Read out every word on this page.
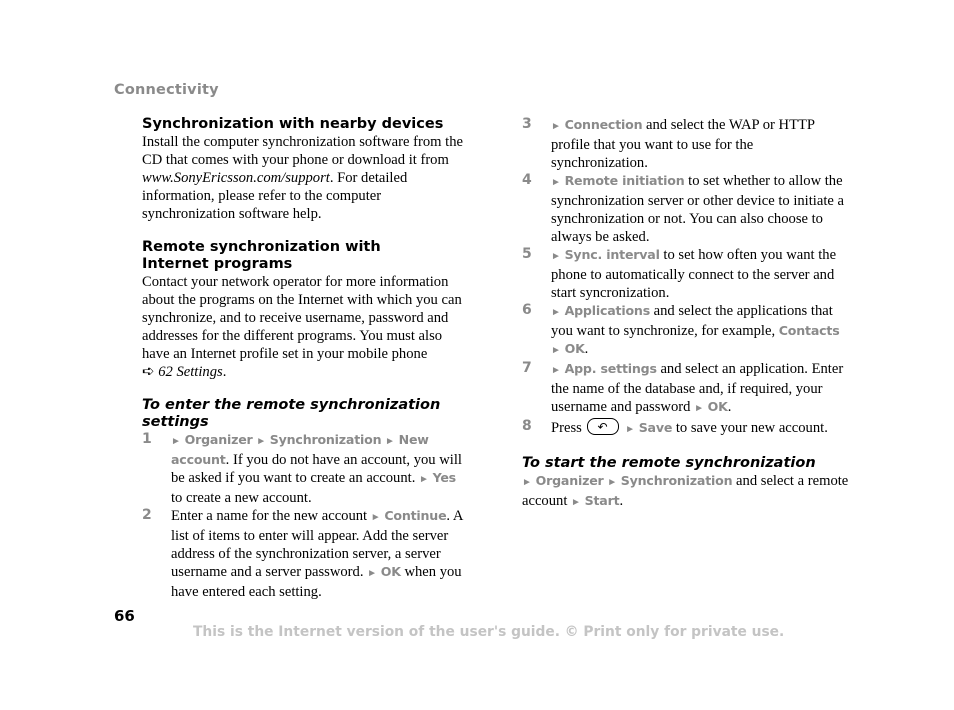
Connectivity
Synchronization with nearby devices

Install the computer synchronization software from the CD that comes with your phone or download it from www.SonyEricsson.com/support. For detailed information, please refer to the computer synchronization software help.

Remote synchronization with
Internet programs

Contact your network operator for more information about the programs on the Internet with which you can synchronize, and to receive username, password and addresses for the different programs. You must also have an Internet profile set in your mobile phone
➪ 62 Settings.

To enter the remote synchronization
settings
1 ► Organizer ► Synchronization ► New account. If you do not have an account, you will be asked if you want to create an account. ► Yes to create a new account.

2 Enter a name for the new account ► Continue. A list of items to enter will appear. Add the server address of the synchronization server, a server username and a server password. ► OK when you have entered each setting.

3 ► Connection and select the WAP or HTTP profile that you want to use for the synchronization.

4 ► Remote initiation to set whether to allow the synchronization server or other device to initiate a synchronization or not. You can also choose to always be asked.

5 ► Sync. interval to set how often you want the phone to automatically connect to the server and start syncronization.

6 ► Applications and select the applications that you want to synchronize, for example, Contacts
► OK.

7 ► App. settings and select an application. Enter the name of the database and, if required, your username and password ► OK.

8 Press ↶ ► Save to save your new account.

To start the remote synchronization

► Organizer ► Synchronization and select a remote account ► Start.

66
This is the Internet version of the user's guide. © Print only for private use.
